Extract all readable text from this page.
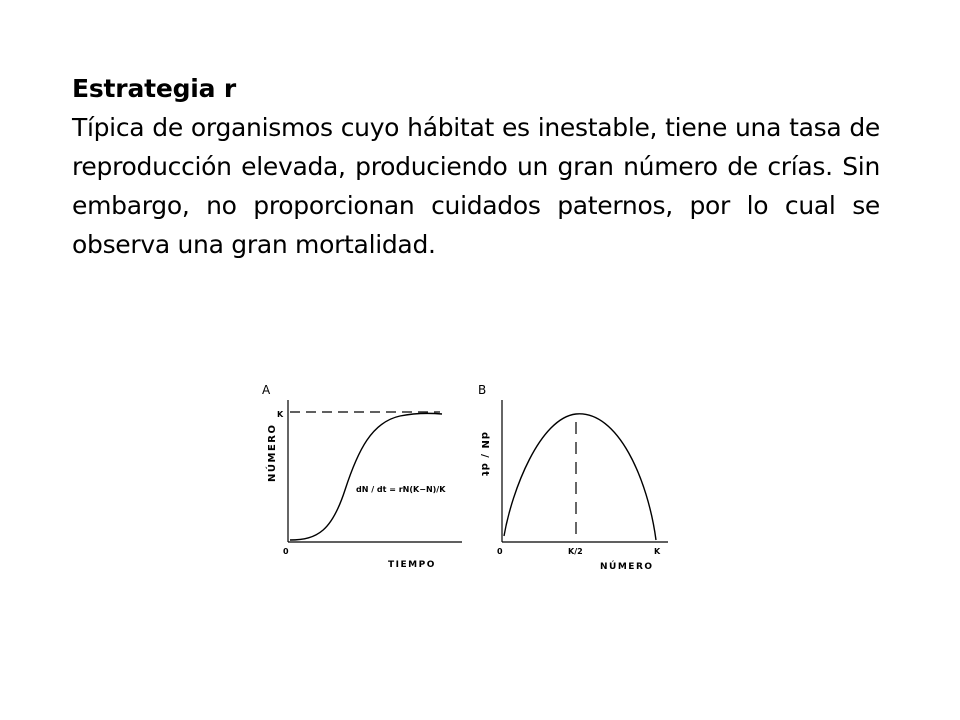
Estrategia r

Típica de organismos cuyo hábitat es inestable, tiene una tasa de reproducción elevada, produciendo un gran número de crías. Sin embargo, no proporcionan cuidados paternos, por lo cual se observa una gran mortalidad.

A
NÚMERO
K
dN / dt = rN(K−N)/K
0
TIEMPO
B
dN / dt
0	K/2	K
NÚMERO
